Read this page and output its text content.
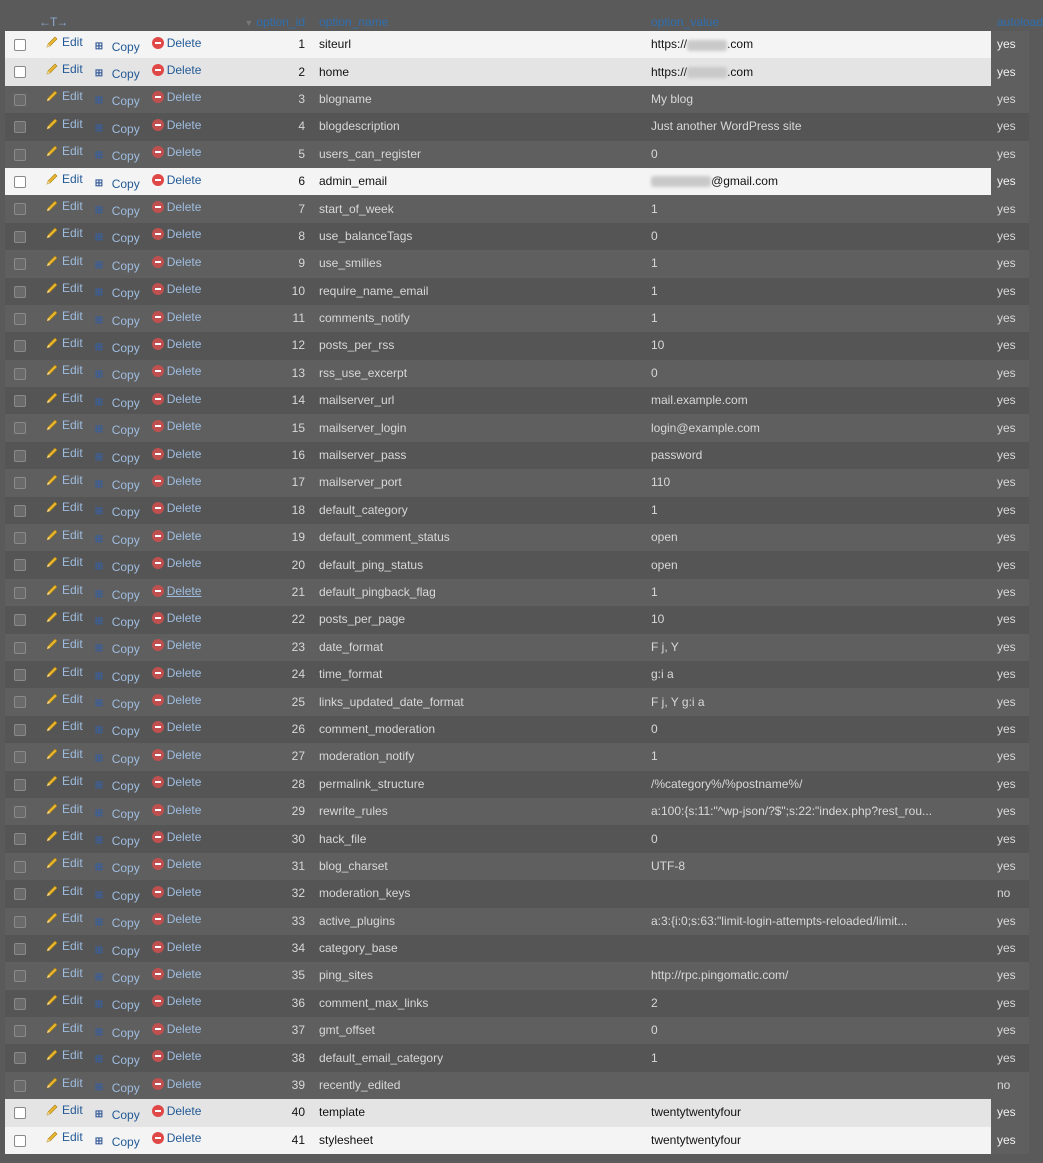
	←T→	▼ option_id	option_name	option_value	autoload

	Edit ⊞ Copy Delete	1	siteurl	https:// .com	yes

	Edit ⊞ Copy Delete	2	home	https:// .com	yes

	Edit ⊞ Copy Delete	3	blogname	My blog	yes

	Edit ⊞ Copy Delete	4	blogdescription	Just another WordPress site	yes

	Edit ⊞ Copy Delete	5	users_can_register	0	yes

	Edit ⊞ Copy Delete	6	admin_email	@gmail.com	yes

	Edit ⊞ Copy Delete	7	start_of_week	1	yes

	Edit ⊞ Copy Delete	8	use_balanceTags	0	yes

	Edit ⊞ Copy Delete	9	use_smilies	1	yes

	Edit ⊞ Copy Delete	10	require_name_email	1	yes

	Edit ⊞ Copy Delete	11	comments_notify	1	yes

	Edit ⊞ Copy Delete	12	posts_per_rss	10	yes

	Edit ⊞ Copy Delete	13	rss_use_excerpt	0	yes

	Edit ⊞ Copy Delete	14	mailserver_url	mail.example.com	yes

	Edit ⊞ Copy Delete	15	mailserver_login	login@example.com	yes

	Edit ⊞ Copy Delete	16	mailserver_pass	password	yes

	Edit ⊞ Copy Delete	17	mailserver_port	110	yes

	Edit ⊞ Copy Delete	18	default_category	1	yes

	Edit ⊞ Copy Delete	19	default_comment_status	open	yes

	Edit ⊞ Copy Delete	20	default_ping_status	open	yes

	Edit ⊞ Copy Delete	21	default_pingback_flag	1	yes

	Edit ⊞ Copy Delete	22	posts_per_page	10	yes

	Edit ⊞ Copy Delete	23	date_format	F j, Y	yes

	Edit ⊞ Copy Delete	24	time_format	g:i a	yes

	Edit ⊞ Copy Delete	25	links_updated_date_format	F j, Y g:i a	yes

	Edit ⊞ Copy Delete	26	comment_moderation	0	yes

	Edit ⊞ Copy Delete	27	moderation_notify	1	yes

	Edit ⊞ Copy Delete	28	permalink_structure	/%category%/%postname%/	yes

	Edit ⊞ Copy Delete	29	rewrite_rules	a:100:{s:11:"^wp-json/?$";s:22:"index.php?rest_rou...	yes

	Edit ⊞ Copy Delete	30	hack_file	0	yes

	Edit ⊞ Copy Delete	31	blog_charset	UTF-8	yes

	Edit ⊞ Copy Delete	32	moderation_keys		no

	Edit ⊞ Copy Delete	33	active_plugins	a:3:{i:0;s:63:"limit-login-attempts-reloaded/limit...	yes

	Edit ⊞ Copy Delete	34	category_base		yes

	Edit ⊞ Copy Delete	35	ping_sites	http://rpc.pingomatic.com/	yes

	Edit ⊞ Copy Delete	36	comment_max_links	2	yes

	Edit ⊞ Copy Delete	37	gmt_offset	0	yes

	Edit ⊞ Copy Delete	38	default_email_category	1	yes

	Edit ⊞ Copy Delete	39	recently_edited		no

	Edit ⊞ Copy Delete	40	template	twentytwentyfour	yes

	Edit ⊞ Copy Delete	41	stylesheet	twentytwentyfour	yes
